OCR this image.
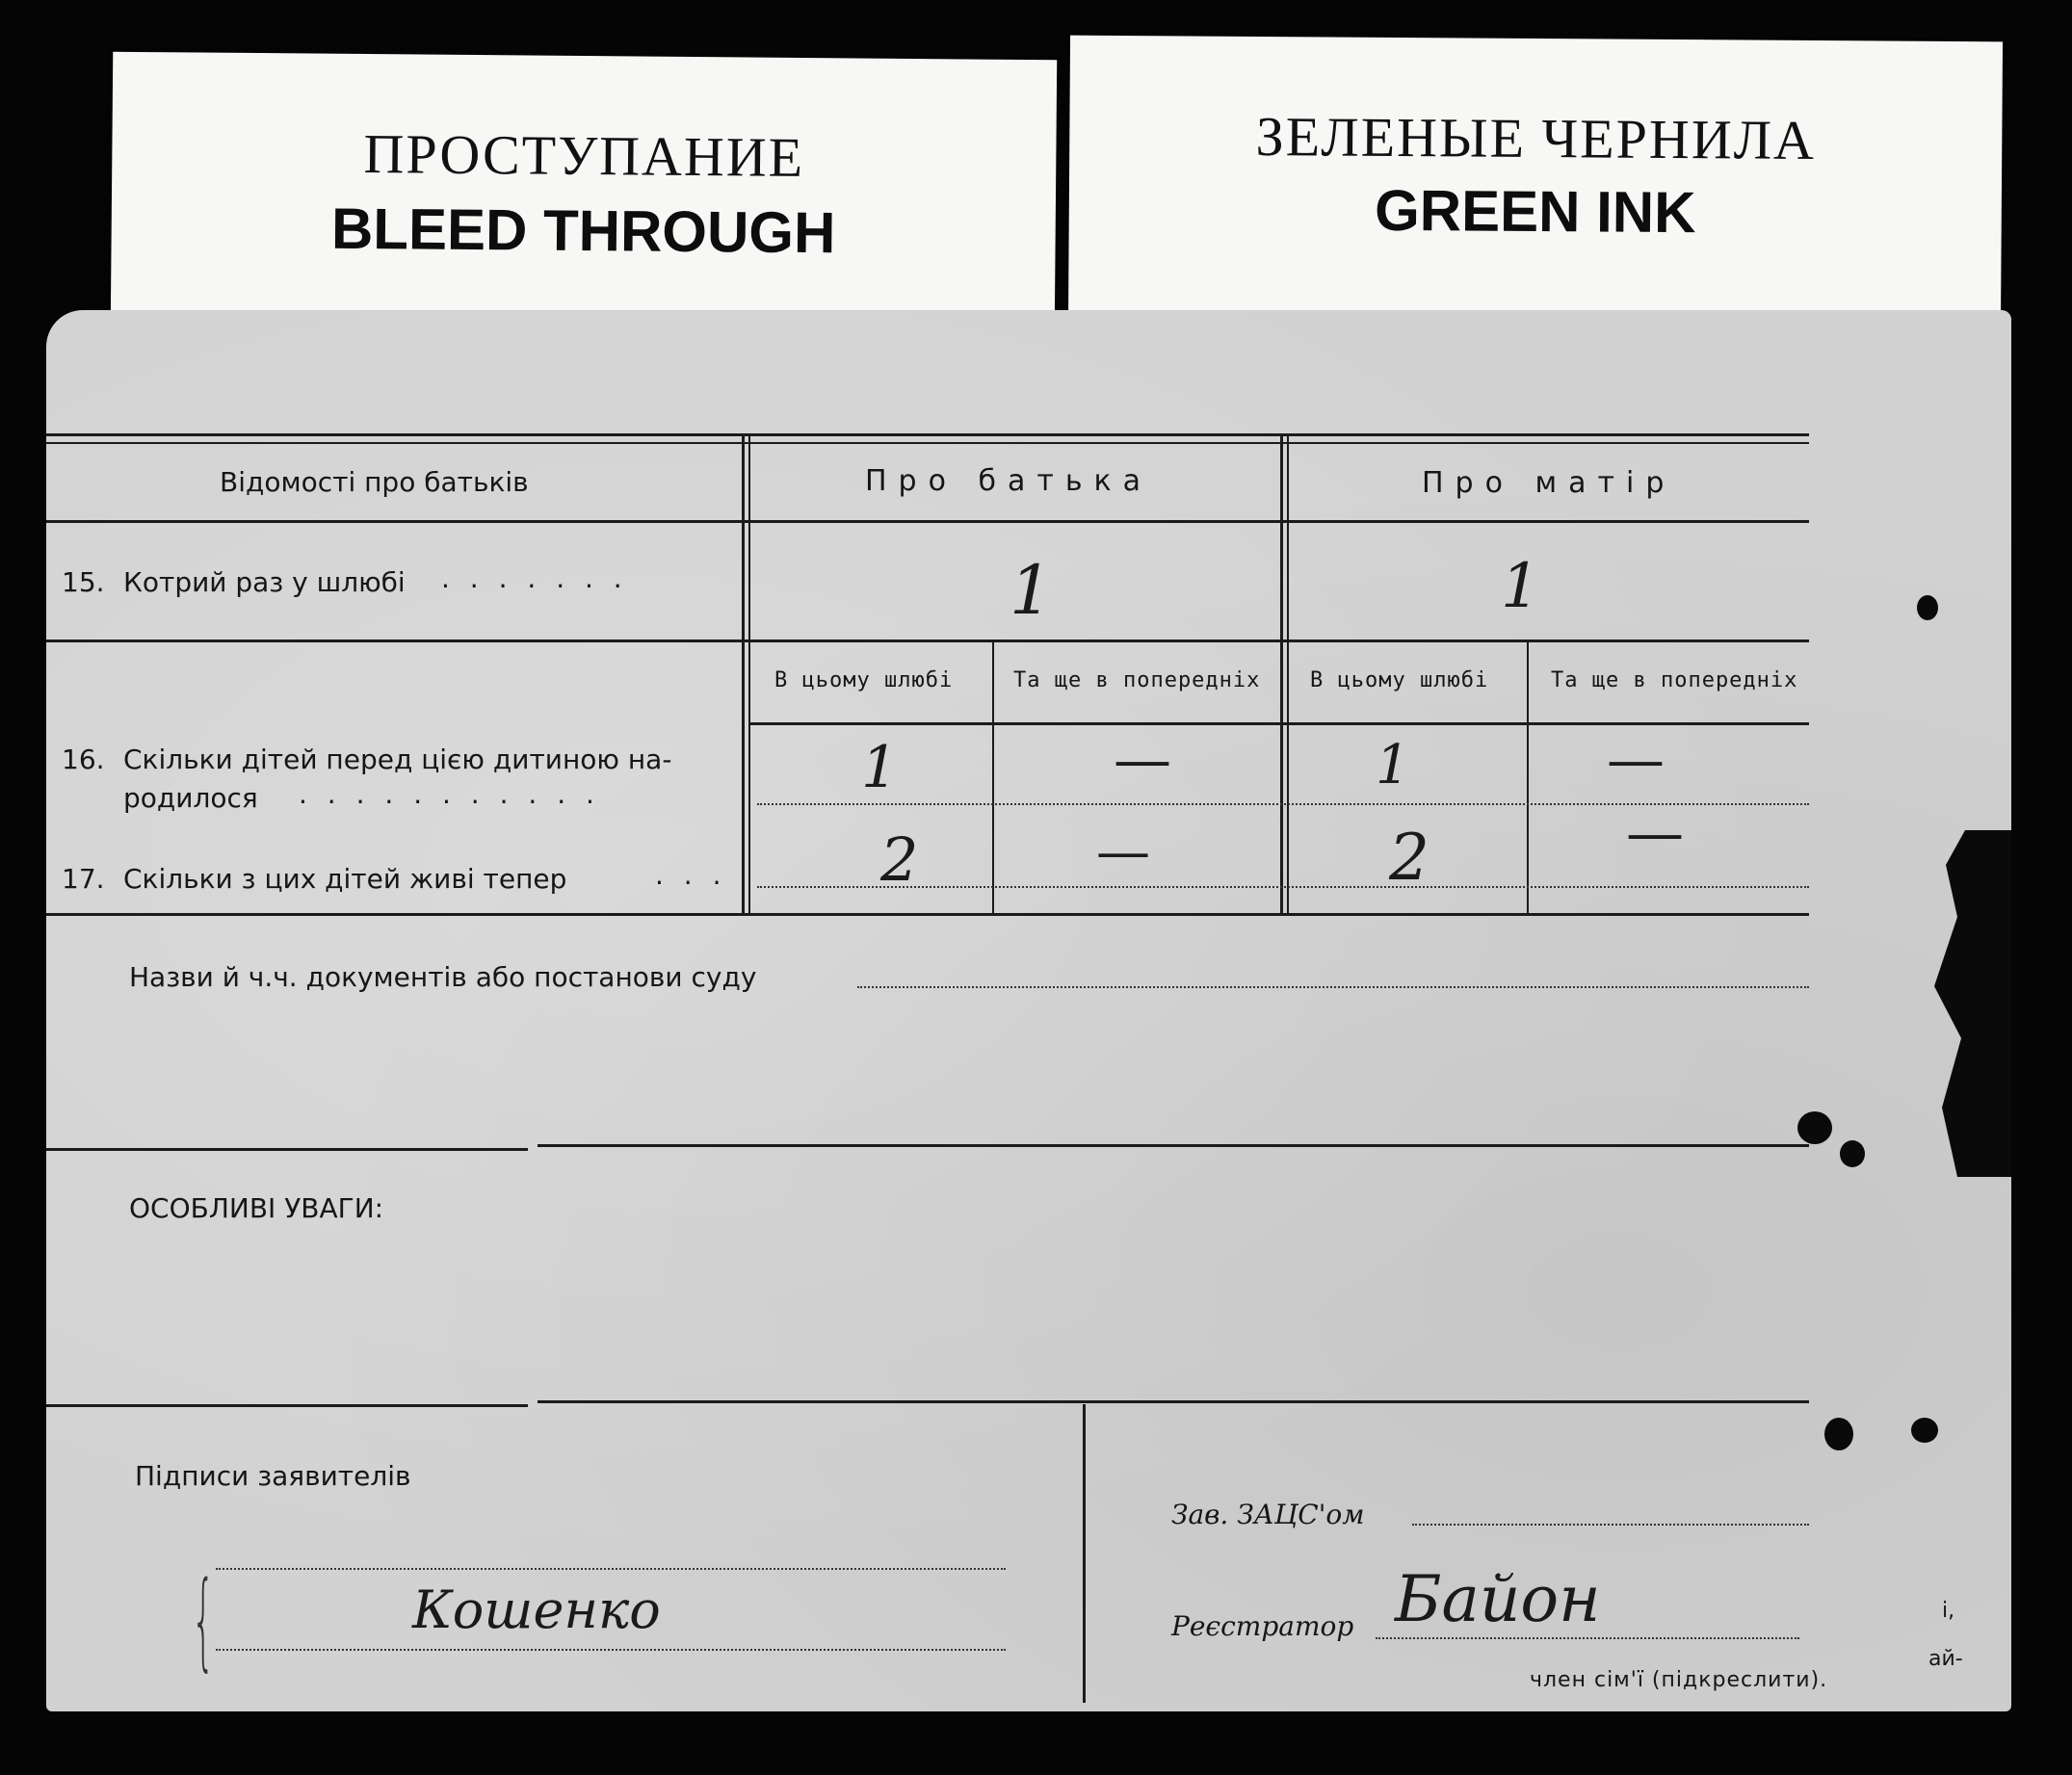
ПРОСТУПАНИЕ
BLEED THROUGH
ЗЕЛЕНЫЕ ЧЕРНИЛА
GREEN INK
Відомості про батьків	Про батька	Про матір
15. Котрий раз у шлюбі . . . . . . .	1	1
В цьому шлюбі	Та ще в попередніх В цьому шлюбі	Та ще в попередніх
16. Скільки дітей перед цією дитиною на-
родилося . . . . . . . . . . .	1	—	1	—
17. Скільки з цих дітей живі тепер	. . .	2	—	2	—
Назви й ч.ч. документів або постанови суду
ОСОБЛИВІ УВАГИ:
Підписи заявителів
{	Кошенко
Зав. ЗАЦС'ом
Реєстратор Байон
член сім'ї (підкреслити).
і,
ай-
